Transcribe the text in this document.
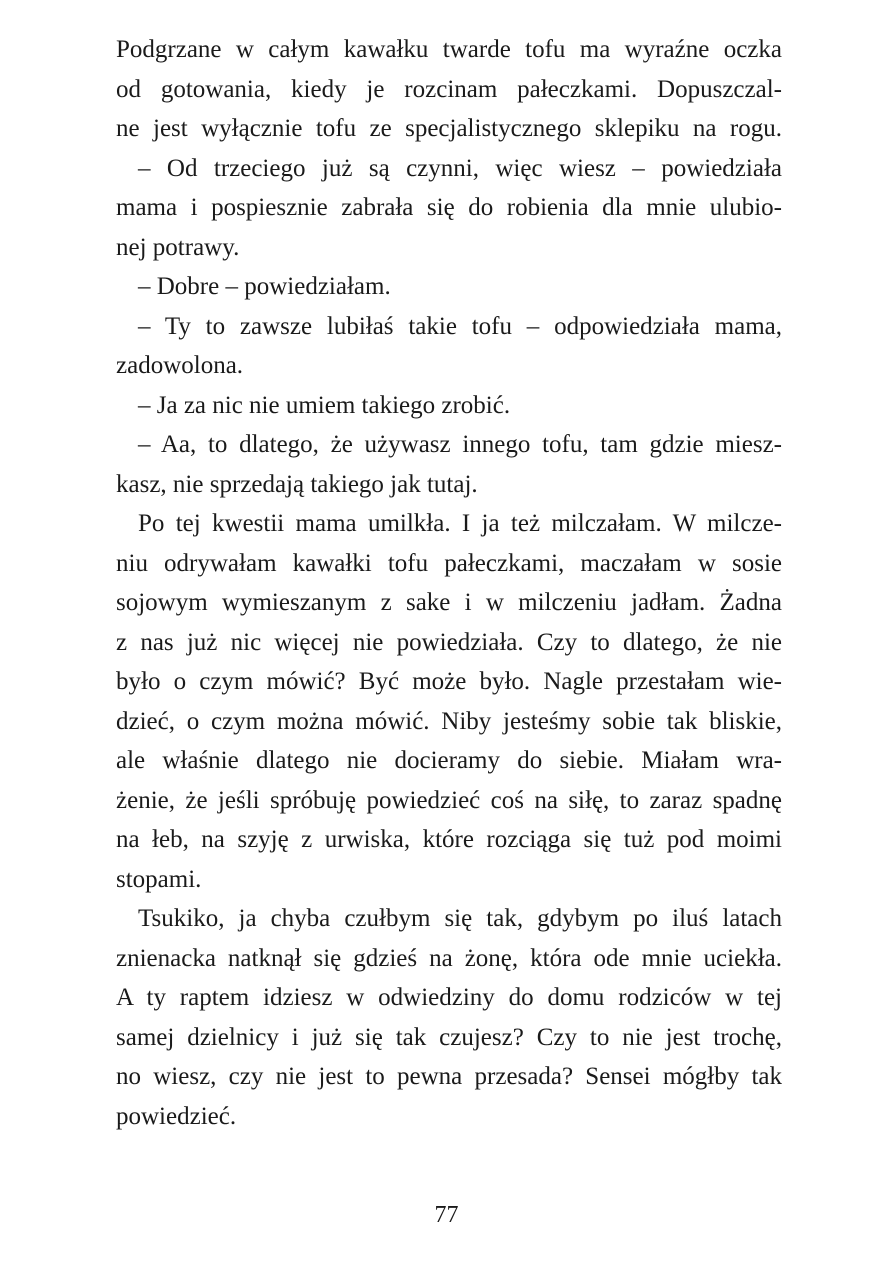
Podgrzane w całym kawałku twarde tofu ma wyraźne oczka
od gotowania, kiedy je rozcinam pałeczkami. Dopuszczal-
ne jest wyłącznie tofu ze specjalistycznego sklepiku na rogu.
– Od trzeciego już są czynni, więc wiesz – powiedziała
mama i pospiesznie zabrała się do robienia dla mnie ulubio-
nej potrawy.
– Dobre – powiedziałam.
– Ty to zawsze lubiłaś takie tofu – odpowiedziała mama,
zadowolona.
– Ja za nic nie umiem takiego zrobić.
– Aa, to dlatego, że używasz innego tofu, tam gdzie miesz-
kasz, nie sprzedają takiego jak tutaj.
Po tej kwestii mama umilkła. I ja też milczałam. W milcze-
niu odrywałam kawałki tofu pałeczkami, maczałam w sosie
sojowym wymieszanym z sake i w milczeniu jadłam. Żadna
z nas już nic więcej nie powiedziała. Czy to dlatego, że nie
było o czym mówić? Być może było. Nagle przestałam wie-
dzieć, o czym można mówić. Niby jesteśmy sobie tak bliskie,
ale właśnie dlatego nie docieramy do siebie. Miałam wra-
żenie, że jeśli spróbuję powiedzieć coś na siłę, to zaraz spadnę
na łeb, na szyję z urwiska, które rozciąga się tuż pod moimi
stopami.
Tsukiko, ja chyba czułbym się tak, gdybym po iluś latach
znienacka natknął się gdzieś na żonę, która ode mnie uciekła.
A ty raptem idziesz w odwiedziny do domu rodziców w tej
samej dzielnicy i już się tak czujesz? Czy to nie jest trochę,
no wiesz, czy nie jest to pewna przesada? Sensei mógłby tak
powiedzieć.
77
